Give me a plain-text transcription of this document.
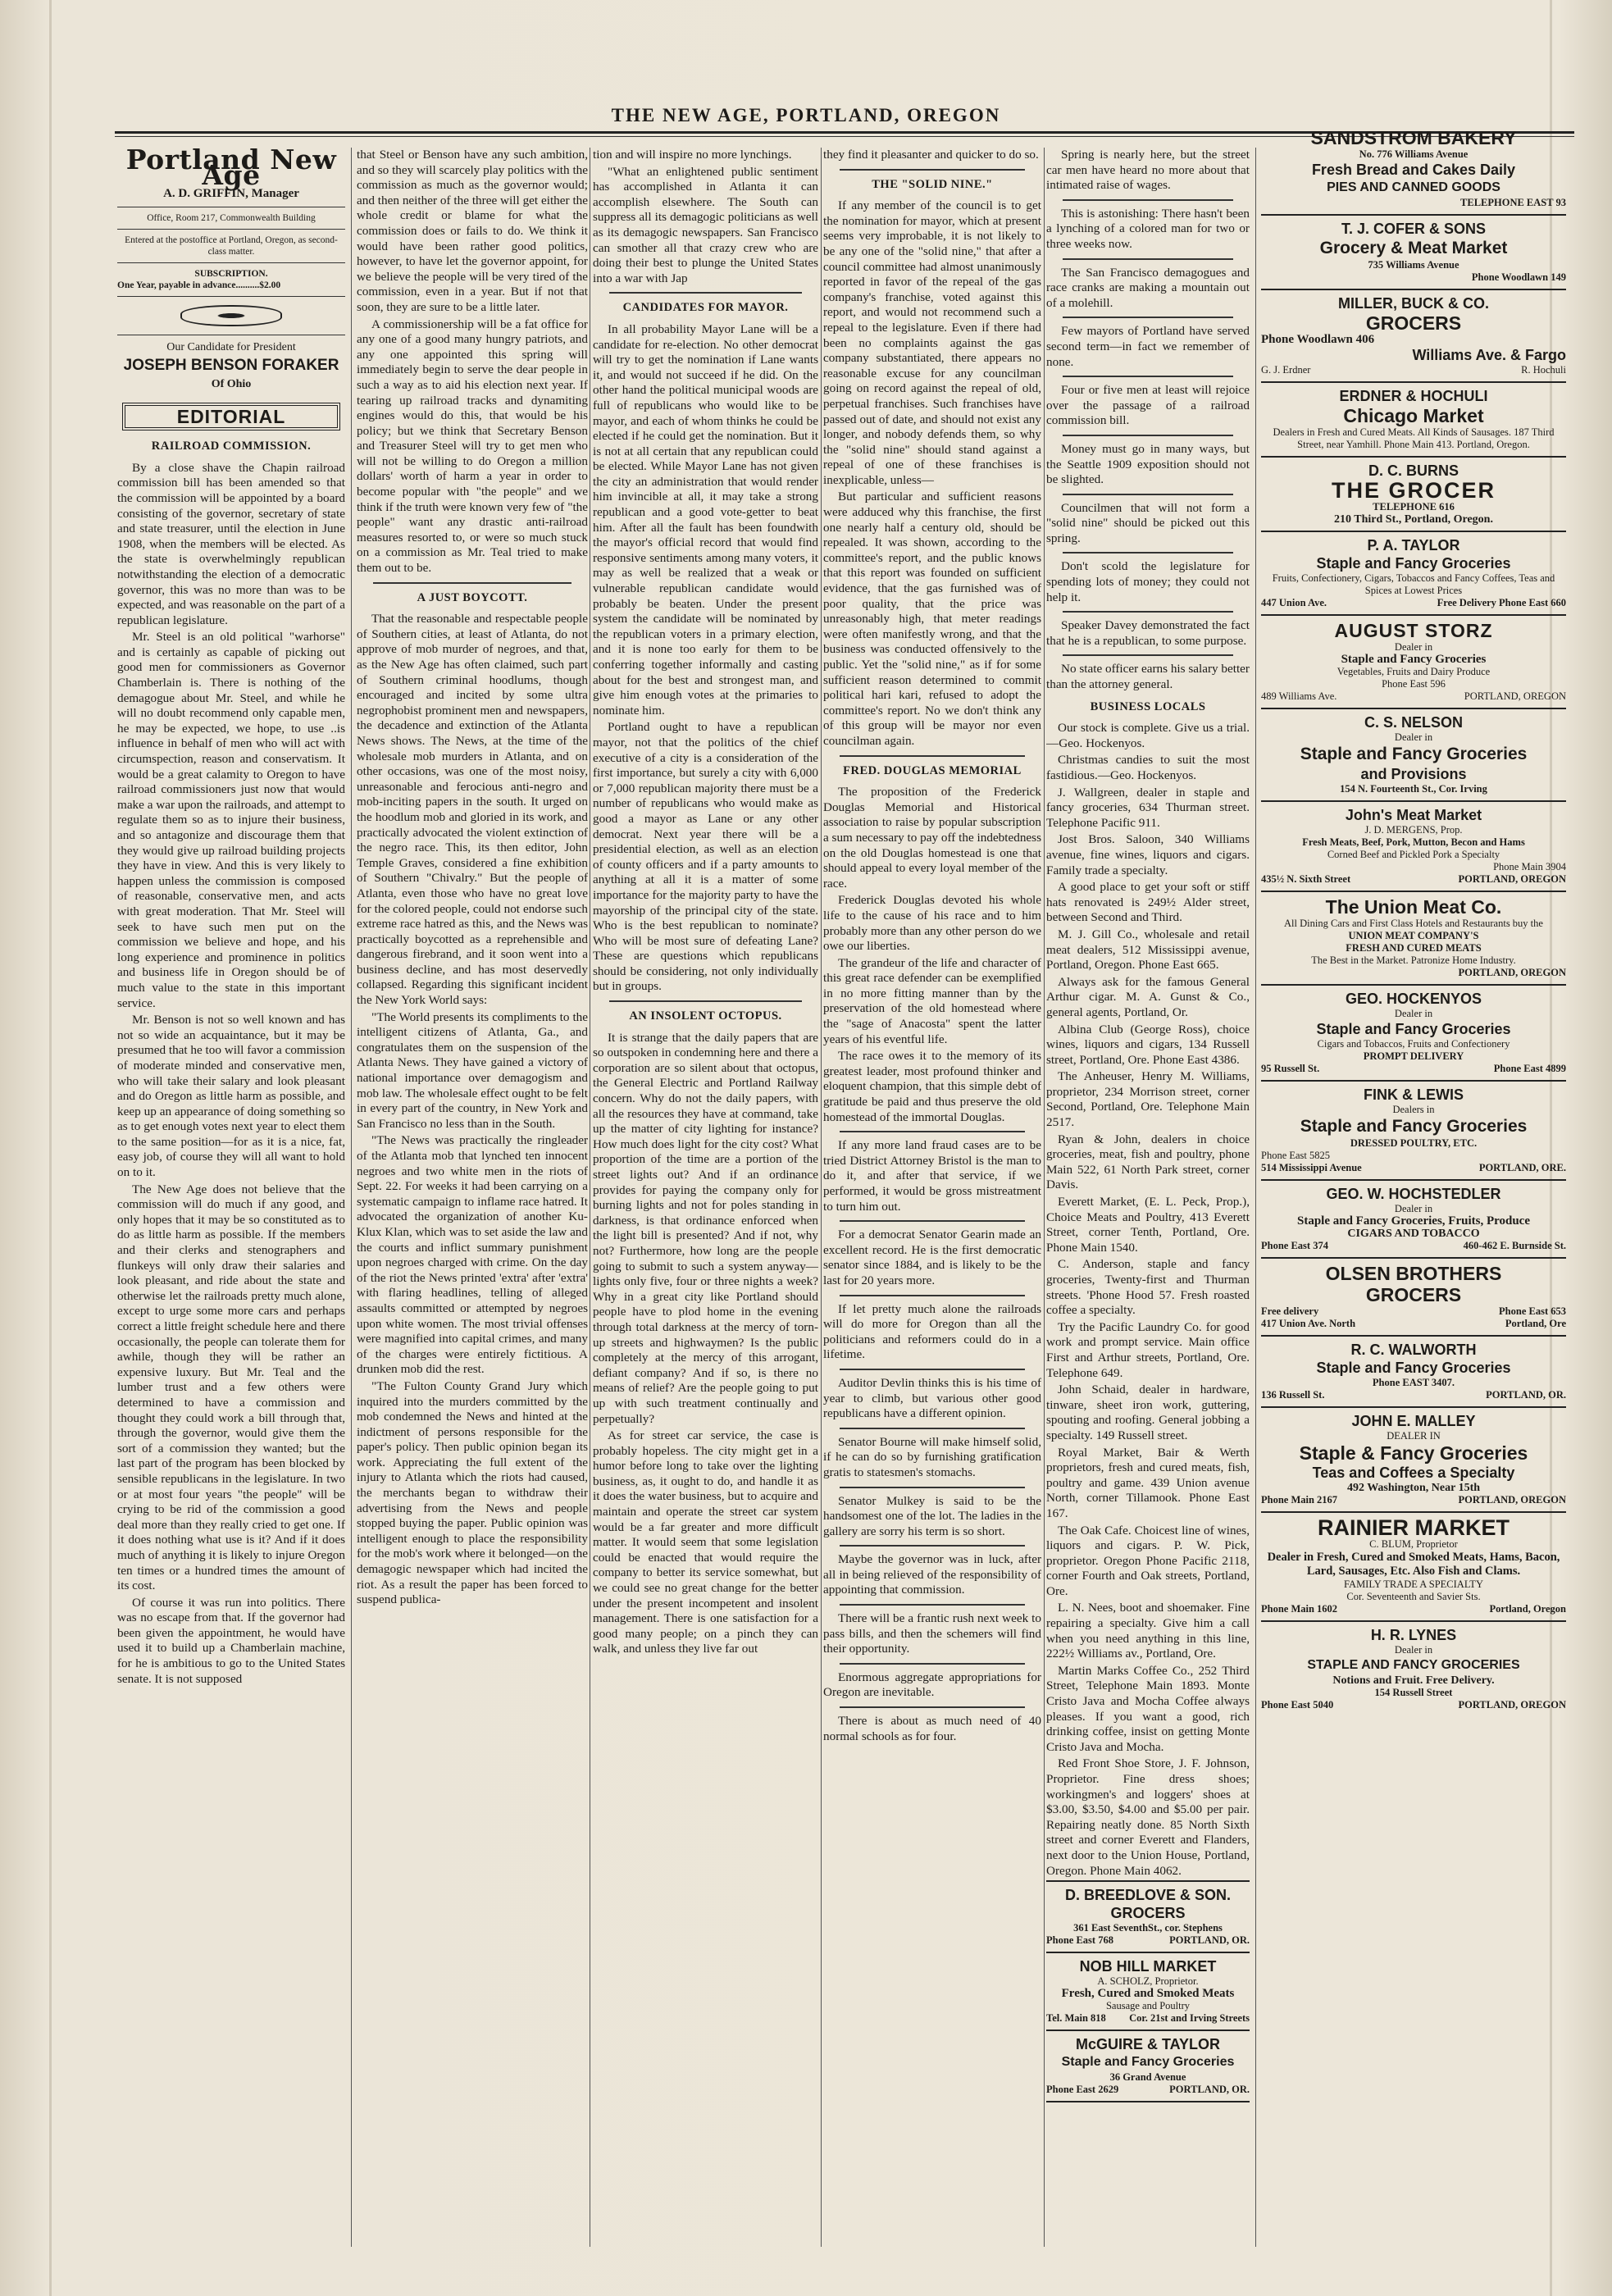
THE NEW AGE, PORTLAND, OREGON
Portland New Age
A. D. GRIFFIN, Manager
Office, Room 217, Commonwealth Building
Entered at the postoffice at Portland, Oregon, as second-class matter.
SUBSCRIPTION.
One Year, payable in advance..........$2.00
Our Candidate for President
JOSEPH BENSON FORAKER
Of Ohio
EDITORIAL
RAILROAD COMMISSION.

By a close shave the Chapin railroad commission bill has been amended so that the commission will be appointed by a board consisting of the governor, secretary of state and state treasurer, until the election in June 1908, when the members will be elected. As the state is overwhelmingly republican notwithstanding the election of a democratic governor, this was no more than was to be expected, and was reasonable on the part of a republican legislature.

Mr. Steel is an old political "warhorse" and is certainly as capable of picking out good men for commissioners as Governor Chamberlain is. There is nothing of the demagogue about Mr. Steel, and while he will no doubt recommend only capable men, he may be expected, we hope, to use ..is influence in behalf of men who will act with circumspection, reason and conservatism. It would be a great calamity to Oregon to have railroad commissioners just now that would make a war upon the railroads, and attempt to regulate them so as to injure their business, and so antagonize and discourage them that they would give up railroad building projects they have in view. And this is very likely to happen unless the commission is composed of reasonable, conservative men, and acts with great moderation. That Mr. Steel will seek to have such men put on the commission we believe and hope, and his long experience and prominence in politics and business life in Oregon should be of much value to the state in this important service.

Mr. Benson is not so well known and has not so wide an acquaintance, but it may be presumed that he too will favor a commission of moderate minded and conservative men, who will take their salary and look pleasant and do Oregon as little harm as possible, and keep up an appearance of doing something so as to get enough votes next year to elect them to the same position—for as it is a nice, fat, easy job, of course they will all want to hold on to it.

The New Age does not believe that the commission will do much if any good, and only hopes that it may be so constituted as to do as little harm as possible. If the members and their clerks and stenographers and flunkeys will only draw their salaries and look pleasant, and ride about the state and otherwise let the railroads pretty much alone, except to urge some more cars and perhaps correct a little freight schedule here and there occasionally, the people can tolerate them for awhile, though they will be rather an expensive luxury. But Mr. Teal and the lumber trust and a few others were determined to have a commission and thought they could work a bill through that, through the governor, would give them the sort of a commission they wanted; but the last part of the program has been blocked by sensible republicans in the legislature. In two or at most four years "the people" will be crying to be rid of the commission a good deal more than they really cried to get one. If it does nothing what use is it? And if it does much of anything it is likely to injure Oregon ten times or a hundred times the amount of its cost.

Of course it was run into politics. There was no escape from that. If the governor had been given the appointment, he would have used it to build up a Chamberlain machine, for he is ambitious to go to the United States senate. It is not supposed

that Steel or Benson have any such ambition, and so they will scarcely play politics with the commission as much as the governor would; and then neither of the three will get either the whole credit or blame for what the commission does or fails to do. We think it would have been rather good politics, however, to have let the governor appoint, for we believe the people will be very tired of the commission, even in a year. But if not that soon, they are sure to be a little later.

A commissionership will be a fat office for any one of a good many hungry patriots, and any one appointed this spring will immediately begin to serve the dear people in such a way as to aid his election next year. If tearing up railroad tracks and dynamiting engines would do this, that would be his policy; but we think that Secretary Benson and Treasurer Steel will try to get men who will not be willing to do Oregon a million dollars' worth of harm a year in order to become popular with "the people" and we think if the truth were known very few of "the people" want any drastic anti-railroad measures resorted to, or were so much stuck on a commission as Mr. Teal tried to make them out to be.

A JUST BOYCOTT.

That the reasonable and respectable people of Southern cities, at least of Atlanta, do not approve of mob murder of negroes, and that, as the New Age has often claimed, such part of Southern criminal hoodlums, though encouraged and incited by some ultra negrophobist prominent men and newspapers, the decadence and extinction of the Atlanta News shows. The News, at the time of the wholesale mob murders in Atlanta, and on other occasions, was one of the most noisy, unreasonable and ferocious anti-negro and mob-inciting papers in the south. It urged on the hoodlum mob and gloried in its work, and practically advocated the violent extinction of the negro race. This, its then editor, John Temple Graves, considered a fine exhibition of Southern "Chivalry." But the people of Atlanta, even those who have no great love for the colored people, could not endorse such extreme race hatred as this, and the News was practically boycotted as a reprehensible and dangerous firebrand, and it soon went into a business decline, and has most deservedly collapsed. Regarding this significant incident the New York World says:

"The World presents its compliments to the intelligent citizens of Atlanta, Ga., and congratulates them on the suspension of the Atlanta News. They have gained a victory of national importance over demagogism and mob law. The wholesale effect ought to be felt in every part of the country, in New York and San Francisco no less than in the South.

"The News was practically the ringleader of the Atlanta mob that lynched ten innocent negroes and two white men in the riots of Sept. 22. For weeks it had been carrying on a systematic campaign to inflame race hatred. It advocated the organization of another Ku-Klux Klan, which was to set aside the law and the courts and inflict summary punishment upon negroes charged with crime. On the day of the riot the News printed 'extra' after 'extra' with flaring headlines, telling of alleged assaults committed or attempted by negroes upon white women. The most trivial offenses were magnified into capital crimes, and many of the charges were entirely fictitious. A drunken mob did the rest.

"The Fulton County Grand Jury which inquired into the murders committed by the mob condemned the News and hinted at the indictment of persons responsible for the paper's policy. Then public opinion began its work. Appreciating the full extent of the injury to Atlanta which the riots had caused, the merchants began to withdraw their advertising from the News and people stopped buying the paper. Public opinion was intelligent enough to place the responsibility for the mob's work where it belonged—on the demagogic newspaper which had incited the riot. As a result the paper has been forced to suspend publica-

tion and will inspire no more lynchings.

"What an enlightened public sentiment has accomplished in Atlanta it can accomplish elsewhere. The South can suppress all its demagogic politicians as well as its demagogic newspapers. San Francisco can smother all that crazy crew who are doing their best to plunge the United States into a war with Jap

CANDIDATES FOR MAYOR.

In all probability Mayor Lane will be a candidate for re-election. No other democrat will try to get the nomination if Lane wants it, and would not succeed if he did. On the other hand the political municipal woods are full of republicans who would like to be mayor, and each of whom thinks he could be elected if he could get the nomination. But it is not at all certain that any republican could be elected. While Mayor Lane has not given the city an administration that would render him invincible at all, it may take a strong republican and a good vote-getter to beat him. After all the fault has been foundwith the mayor's official record that would find responsive sentiments among many voters, it may as well be realized that a weak or vulnerable republican candidate would probably be beaten. Under the present system the candidate will be nominated by the republican voters in a primary election, and it is none too early for them to be conferring together informally and casting about for the best and strongest man, and give him enough votes at the primaries to nominate him.

Portland ought to have a republican mayor, not that the politics of the chief executive of a city is a consideration of the first importance, but surely a city with 6,000 or 7,000 republican majority there must be a number of republicans who would make as good a mayor as Lane or any other democrat. Next year there will be a presidential election, as well as an election of county officers and if a party amounts to anything at all it is a matter of some importance for the majority party to have the mayorship of the principal city of the state. Who is the best republican to nominate? Who will be most sure of defeating Lane? These are questions which republicans should be considering, not only individually but in groups.

AN INSOLENT OCTOPUS.

It is strange that the daily papers that are so outspoken in condemning here and there a corporation are so silent about that octopus, the General Electric and Portland Railway concern. Why do not the daily papers, with all the resources they have at command, take up the matter of city lighting for instance? How much does light for the city cost? What proportion of the time are a portion of the street lights out? And if an ordinance provides for paying the company only for burning lights and not for poles standing in darkness, is that ordinance enforced when the light bill is presented? And if not, why not? Furthermore, how long are the people going to submit to such a system anyway—lights only five, four or three nights a week? Why in a great city like Portland should people have to plod home in the evening through total darkness at the mercy of torn-up streets and highwaymen? Is the public completely at the mercy of this arrogant, defiant company? And if so, is there no means of relief? Are the people going to put up with such treatment continually and perpetually?

As for street car service, the case is probably hopeless. The city might get in a humor before long to take over the lighting business, as, it ought to do, and handle it as it does the water business, but to acquire and maintain and operate the street car system would be a far greater and more difficult matter. It would seem that some legislation could be enacted that would require the company to better its service somewhat, but we could see no great change for the better under the present incompetent and insolent management. There is one satisfaction for a good many people; on a pinch they can walk, and unless they live far out

they find it pleasanter and quicker to do so.

THE "SOLID NINE."

If any member of the council is to get the nomination for mayor, which at present seems very improbable, it is not likely to be any one of the "solid nine," that after a council committee had almost unanimously reported in favor of the repeal of the gas company's franchise, voted against this report, and would not recommend such a repeal to the legislature. Even if there had been no complaints against the gas company substantiated, there appears no reasonable excuse for any councilman going on record against the repeal of old, perpetual franchises. Such franchises have passed out of date, and should not exist any longer, and nobody defends them, so why the "solid nine" should stand against a repeal of one of these franchises is inexplicable, unless—

But particular and sufficient reasons were adduced why this franchise, the first one nearly half a century old, should be repealed. It was shown, according to the committee's report, and the public knows that this report was founded on sufficient evidence, that the gas furnished was of poor quality, that the price was unreasonably high, that meter readings were often manifestly wrong, and that the business was conducted offensively to the public. Yet the "solid nine," as if for some sufficient reason determined to commit political hari kari, refused to adopt the committee's report. No we don't think any of this group will be mayor nor even councilman again.

FRED. DOUGLAS MEMORIAL

The proposition of the Frederick Douglas Memorial and Historical association to raise by popular subscription a sum necessary to pay off the indebtedness on the old Douglas homestead is one that should appeal to every loyal member of the race.

Frederick Douglas devoted his whole life to the cause of his race and to him probably more than any other person do we owe our liberties.

The grandeur of the life and character of this great race defender can be exemplified in no more fitting manner than by the preservation of the old homestead where the "sage of Anacosta" spent the latter years of his eventful life.

The race owes it to the memory of its greatest leader, most profound thinker and eloquent champion, that this simple debt of gratitude be paid and thus preserve the old homestead of the immortal Douglas.

If any more land fraud cases are to be tried District Attorney Bristol is the man to do it, and after that service, if we performed, it would be gross mistreatment to turn him out.

For a democrat Senator Gearin made an excellent record. He is the first democratic senator since 1884, and is likely to be the last for 20 years more.

If let pretty much alone the railroads will do more for Oregon than all the politicians and reformers could do in a lifetime.

Auditor Devlin thinks this is his time of year to climb, but various other good republicans have a different opinion.

Senator Bourne will make himself solid, if he can do so by furnishing gratification gratis to statesmen's stomachs.

Senator Mulkey is said to be the handsomest one of the lot. The ladies in the gallery are sorry his term is so short.

Maybe the governor was in luck, after all in being relieved of the responsibility of appointing that commission.

There will be a frantic rush next week to pass bills, and then the schemers will find their opportunity.

Enormous aggregate appropriations for Oregon are inevitable.

There is about as much need of 40 normal schools as for four.

Spring is nearly here, but the street car men have heard no more about that intimated raise of wages.

This is astonishing: There hasn't been a lynching of a colored man for two or three weeks now.

The San Francisco demagogues and race cranks are making a mountain out of a molehill.

Few mayors of Portland have served second term—in fact we remember of none.

Four or five men at least will rejoice over the passage of a railroad commission bill.

Money must go in many ways, but the Seattle 1909 exposition should not be slighted.

Councilmen that will not form a "solid nine" should be picked out this spring.

Don't scold the legislature for spending lots of money; they could not help it.

Speaker Davey demonstrated the fact that he is a republican, to some purpose.

No state officer earns his salary better than the attorney general.

BUSINESS LOCALS

Our stock is complete. Give us a trial.—Geo. Hockenyos.

Christmas candies to suit the most fastidious.—Geo. Hockenyos.

J. Wallgreen, dealer in staple and fancy groceries, 634 Thurman street. Telephone Pacific 911.

Jost Bros. Saloon, 340 Williams avenue, fine wines, liquors and cigars. Family trade a specialty.

A good place to get your soft or stiff hats renovated is 249½ Alder street, between Second and Third.

M. J. Gill Co., wholesale and retail meat dealers, 512 Mississippi avenue, Portland, Oregon. Phone East 665.

Always ask for the famous General Arthur cigar. M. A. Gunst & Co., general agents, Portland, Or.

Albina Club (George Ross), choice wines, liquors and cigars, 134 Russell street, Portland, Ore. Phone East 4386.

The Anheuser, Henry M. Williams, proprietor, 234 Morrison street, corner Second, Portland, Ore. Telephone Main 2517.

Ryan & John, dealers in choice groceries, meat, fish and poultry, phone Main 522, 61 North Park street, corner Davis.

Everett Market, (E. L. Peck, Prop.), Choice Meats and Poultry, 413 Everett Street, corner Tenth, Portland, Ore. Phone Main 1540.

C. Anderson, staple and fancy groceries, Twenty-first and Thurman streets. 'Phone Hood 57. Fresh roasted coffee a specialty.

Try the Pacific Laundry Co. for good work and prompt service. Main office First and Arthur streets, Portland, Ore. Telephone 649.

John Schaid, dealer in hardware, tinware, sheet iron work, guttering, spouting and roofing. General jobbing a specialty. 149 Russell street.

Royal Market, Bair & Werth proprietors, fresh and cured meats, fish, poultry and game. 439 Union avenue North, corner Tillamook. Phone East 167.

The Oak Cafe. Choicest line of wines, liquors and cigars. P. W. Pick, proprietor. Oregon Phone Pacific 2118, corner Fourth and Oak streets, Portland, Ore.

L. N. Nees, boot and shoemaker. Fine repairing a specialty. Give him a call when you need anything in this line, 222½ Williams av., Portland, Ore.

Martin Marks Coffee Co., 252 Third Street, Telephone Main 1893. Monte Cristo Java and Mocha Coffee always pleases. If you want a good, rich drinking coffee, insist on getting Monte Cristo Java and Mocha.

Red Front Shoe Store, J. F. Johnson, Proprietor. Fine dress shoes; workingmen's and loggers' shoes at $3.00, $3.50, $4.00 and $5.00 per pair. Repairing neatly done. 85 North Sixth street and corner Everett and Flanders, next door to the Union House, Portland, Oregon. Phone Main 4062.

D. BREEDLOVE & SON.
GROCERS
361 East SeventhSt., cor. Stephens
Phone East 768	PORTLAND, OR.
NOB HILL MARKET
A. SCHOLZ, Proprietor.
Fresh, Cured and Smoked Meats
Sausage and Poultry
Tel. Main 818 Cor. 21st and Irving Streets
McGUIRE & TAYLOR
Staple and Fancy Groceries
36 Grand Avenue
Phone East 2629	PORTLAND, OR.
SANDSTROM BAKERY
No. 776 Williams Avenue
Fresh Bread and Cakes Daily
PIES AND CANNED GOODS
TELEPHONE EAST 93
T. J. COFER & SONS
Grocery & Meat Market
735 Williams Avenue
Phone Woodlawn 149
MILLER, BUCK & CO.
GROCERS
Phone Woodlawn 406
Williams Ave. & Fargo
G. J. Erdner	R. Hochuli
ERDNER & HOCHULI
Chicago Market
Dealers in Fresh and Cured Meats. All Kinds of Sausages. 187 Third Street, near Yamhill. Phone Main 413. Portland, Oregon.
D. C. BURNS
THE GROCER
TELEPHONE 616
210 Third St., Portland, Oregon.
P. A. TAYLOR
Staple and Fancy Groceries
Fruits, Confectionery, Cigars, Tobaccos and Fancy Coffees, Teas and Spices at Lowest Prices
447 Union Ave.	Free Delivery Phone East 660
AUGUST STORZ
Dealer in
Staple and Fancy Groceries
Vegetables, Fruits and Dairy Produce
Phone East 596
489 Williams Ave.	PORTLAND, OREGON
C. S. NELSON
Dealer in
Staple and Fancy Groceries
and Provisions
154 N. Fourteenth St., Cor. Irving
John's Meat Market
J. D. MERGENS, Prop.
Fresh Meats, Beef, Pork, Mutton, Becon and Hams
Corned Beef and Pickled Pork a Specialty
Phone Main 3904
435½ N. Sixth Street	PORTLAND, OREGON
The Union Meat Co.
All Dining Cars and First Class Hotels and Restaurants buy the
UNION MEAT COMPANY'S
FRESH AND CURED MEATS
The Best in the Market. Patronize Home Industry.
PORTLAND, OREGON
GEO. HOCKENYOS
Dealer in
Staple and Fancy Groceries
Cigars and Tobaccos, Fruits and Confectionery
PROMPT DELIVERY
95 Russell St.	Phone East 4899
FINK & LEWIS
Dealers in
Staple and Fancy Groceries
DRESSED POULTRY, ETC.
Phone East 5825
514 Mississippi Avenue	PORTLAND, ORE.
GEO. W. HOCHSTEDLER
Dealer in
Staple and Fancy Groceries, Fruits, Produce
CIGARS AND TOBACCO
Phone East 374	460-462 E. Burnside St.
OLSEN BROTHERS
GROCERS
Free delivery	Phone East 653
417 Union Ave. North	Portland, Ore
R. C. WALWORTH
Staple and Fancy Groceries
Phone EAST 3407.
136 Russell St.	PORTLAND, OR.
JOHN E. MALLEY
DEALER IN
Staple & Fancy Groceries
Teas and Coffees a Specialty
492 Washington, Near 15th
Phone Main 2167	PORTLAND, OREGON
RAINIER MARKET
C. BLUM, Proprietor
Dealer in Fresh, Cured and Smoked Meats, Hams, Bacon, Lard, Sausages, Etc. Also Fish and Clams.
FAMILY TRADE A SPECIALTY
Cor. Seventeenth and Savier Sts.
Phone Main 1602	Portland, Oregon
H. R. LYNES
Dealer in
STAPLE AND FANCY GROCERIES
Notions and Fruit. Free Delivery.
154 Russell Street
Phone East 5040	PORTLAND, OREGON
